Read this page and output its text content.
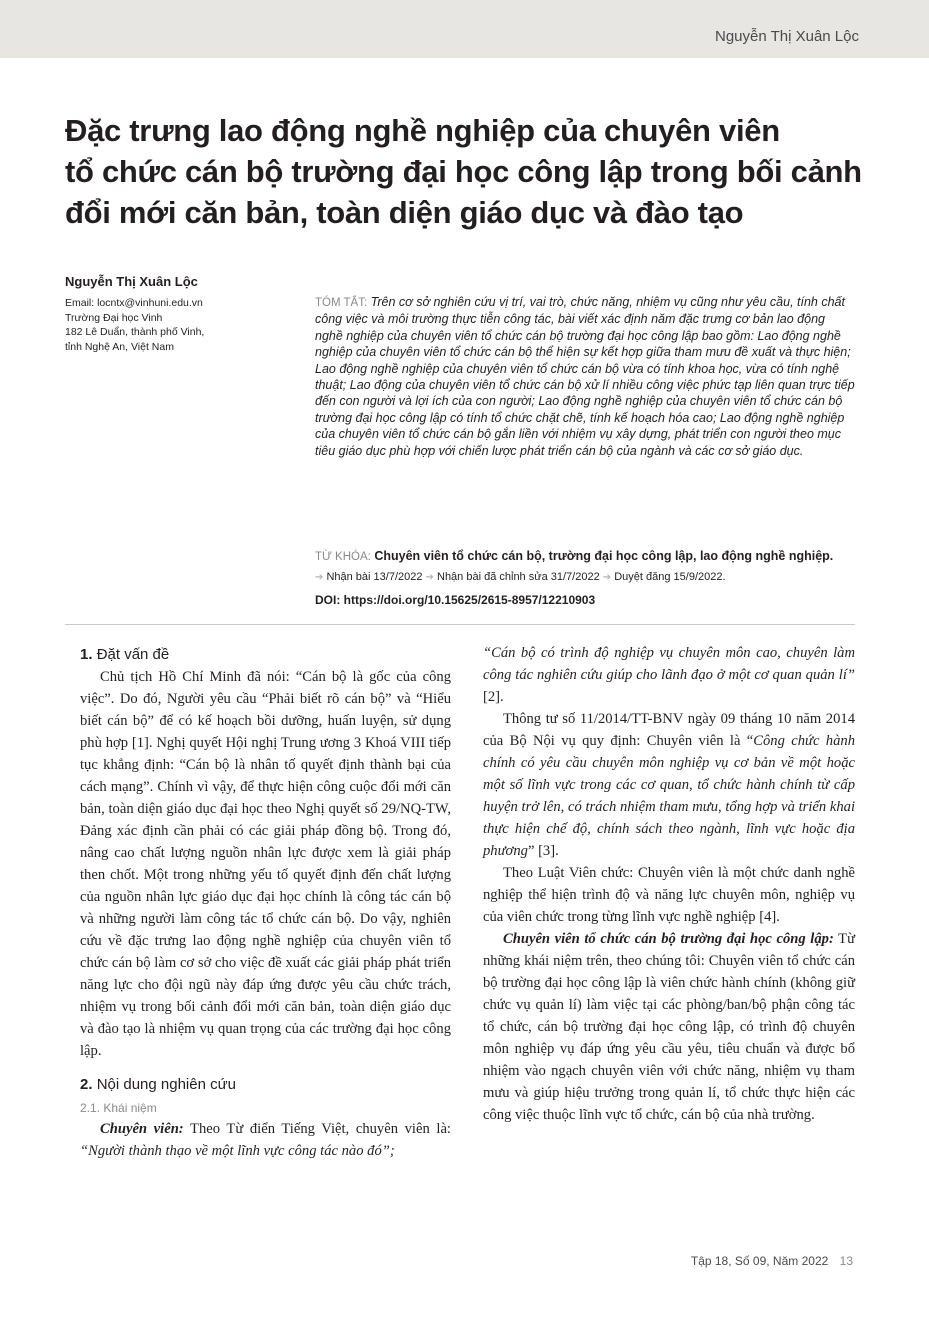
Nguyễn Thị Xuân Lộc
Đặc trưng lao động nghề nghiệp của chuyên viên
tổ chức cán bộ trường đại học công lập trong bối cảnh
đổi mới căn bản, toàn diện giáo dục và đào tạo
Nguyễn Thị Xuân Lộc
Email: locntx@vinhuni.edu.vn
Trường Đại học Vinh
182 Lê Duẩn, thành phố Vinh,
tỉnh Nghệ An, Việt Nam
TÓM TẮT: Trên cơ sở nghiên cứu vị trí, vai trò, chức năng, nhiệm vụ cũng như yêu cầu, tính chất công việc và môi trường thực tiễn công tác, bài viết xác định năm đặc trưng cơ bản lao động nghề nghiệp của chuyên viên tổ chức cán bộ trường đại học công lập bao gồm: Lao động nghề nghiệp của chuyên viên tổ chức cán bộ thể hiện sự kết hợp giữa tham mưu đề xuất và thực hiện; Lao động nghề nghiệp của chuyên viên tổ chức cán bộ vừa có tính khoa học, vừa có tính nghệ thuật; Lao động của chuyên viên tổ chức cán bộ xử lí nhiều công việc phức tạp liên quan trực tiếp đến con người và lợi ích của con người; Lao động nghề nghiệp của chuyên viên tổ chức cán bộ trường đại học công lập có tính tổ chức chặt chẽ, tính kế hoạch hóa cao; Lao động nghề nghiệp của chuyên viên tổ chức cán bộ gắn liền với nhiệm vụ xây dựng, phát triển con người theo mục tiêu giáo dục phù hợp với chiến lược phát triển cán bộ của ngành và các cơ sở giáo dục.
TỪ KHÓA: Chuyên viên tổ chức cán bộ, trường đại học công lập, lao động nghề nghiệp.
➔ Nhận bài 13/7/2022 ➔ Nhận bài đã chỉnh sửa 31/7/2022 ➔ Duyệt đăng 15/9/2022.
DOI: https://doi.org/10.15625/2615-8957/12210903
1. Đặt vấn đề

Chủ tịch Hồ Chí Minh đã nói: “Cán bộ là gốc của công việc”. Do đó, Người yêu cầu “Phải biết rõ cán bộ” và “Hiểu biết cán bộ” để có kế hoạch bồi dưỡng, huấn luyện, sử dụng phù hợp [1]. Nghị quyết Hội nghị Trung ương 3 Khoá VIII tiếp tục khẳng định: “Cán bộ là nhân tố quyết định thành bại của cách mạng”. Chính vì vậy, để thực hiện công cuộc đổi mới căn bản, toàn diện giáo dục đại học theo Nghị quyết số 29/NQ-TW, Đảng xác định cần phải có các giải pháp đồng bộ. Trong đó, nâng cao chất lượng nguồn nhân lực được xem là giải pháp then chốt. Một trong những yếu tố quyết định đến chất lượng của nguồn nhân lực giáo dục đại học chính là công tác cán bộ và những người làm công tác tổ chức cán bộ. Do vậy, nghiên cứu về đặc trưng lao động nghề nghiệp của chuyên viên tổ chức cán bộ làm cơ sở cho việc đề xuất các giải pháp phát triển năng lực cho đội ngũ này đáp ứng được yêu cầu chức trách, nhiệm vụ trong bối cảnh đổi mới căn bản, toàn diện giáo dục và đào tạo là nhiệm vụ quan trọng của các trường đại học công lập.

2. Nội dung nghiên cứu
2.1. Khái niệm

Chuyên viên: Theo Từ điển Tiếng Việt, chuyên viên là: “Người thành thạo về một lĩnh vực công tác nào đó”;

“Cán bộ có trình độ nghiệp vụ chuyên môn cao, chuyên làm công tác nghiên cứu giúp cho lãnh đạo ở một cơ quan quản lí” [2].

Thông tư số 11/2014/TT-BNV ngày 09 tháng 10 năm 2014 của Bộ Nội vụ quy định: Chuyên viên là “Công chức hành chính có yêu cầu chuyên môn nghiệp vụ cơ bản về một hoặc một số lĩnh vực trong các cơ quan, tổ chức hành chính từ cấp huyện trở lên, có trách nhiệm tham mưu, tổng hợp và triển khai thực hiện chế độ, chính sách theo ngành, lĩnh vực hoặc địa phương” [3].

Theo Luật Viên chức: Chuyên viên là một chức danh nghề nghiệp thể hiện trình độ và năng lực chuyên môn, nghiệp vụ của viên chức trong từng lĩnh vực nghề nghiệp [4].

Chuyên viên tổ chức cán bộ trường đại học công lập: Từ những khái niệm trên, theo chúng tôi: Chuyên viên tổ chức cán bộ trường đại học công lập là viên chức hành chính (không giữ chức vụ quản lí) làm việc tại các phòng/ban/bộ phận công tác tổ chức, cán bộ trường đại học công lập, có trình độ chuyên môn nghiệp vụ đáp ứng yêu cầu yêu, tiêu chuẩn và được bổ nhiệm vào ngạch chuyên viên với chức năng, nhiệm vụ tham mưu và giúp hiệu trưởng trong quản lí, tổ chức thực hiện các công việc thuộc lĩnh vực tổ chức, cán bộ của nhà trường.

Tập 18, Số 09, Năm 2022 13
